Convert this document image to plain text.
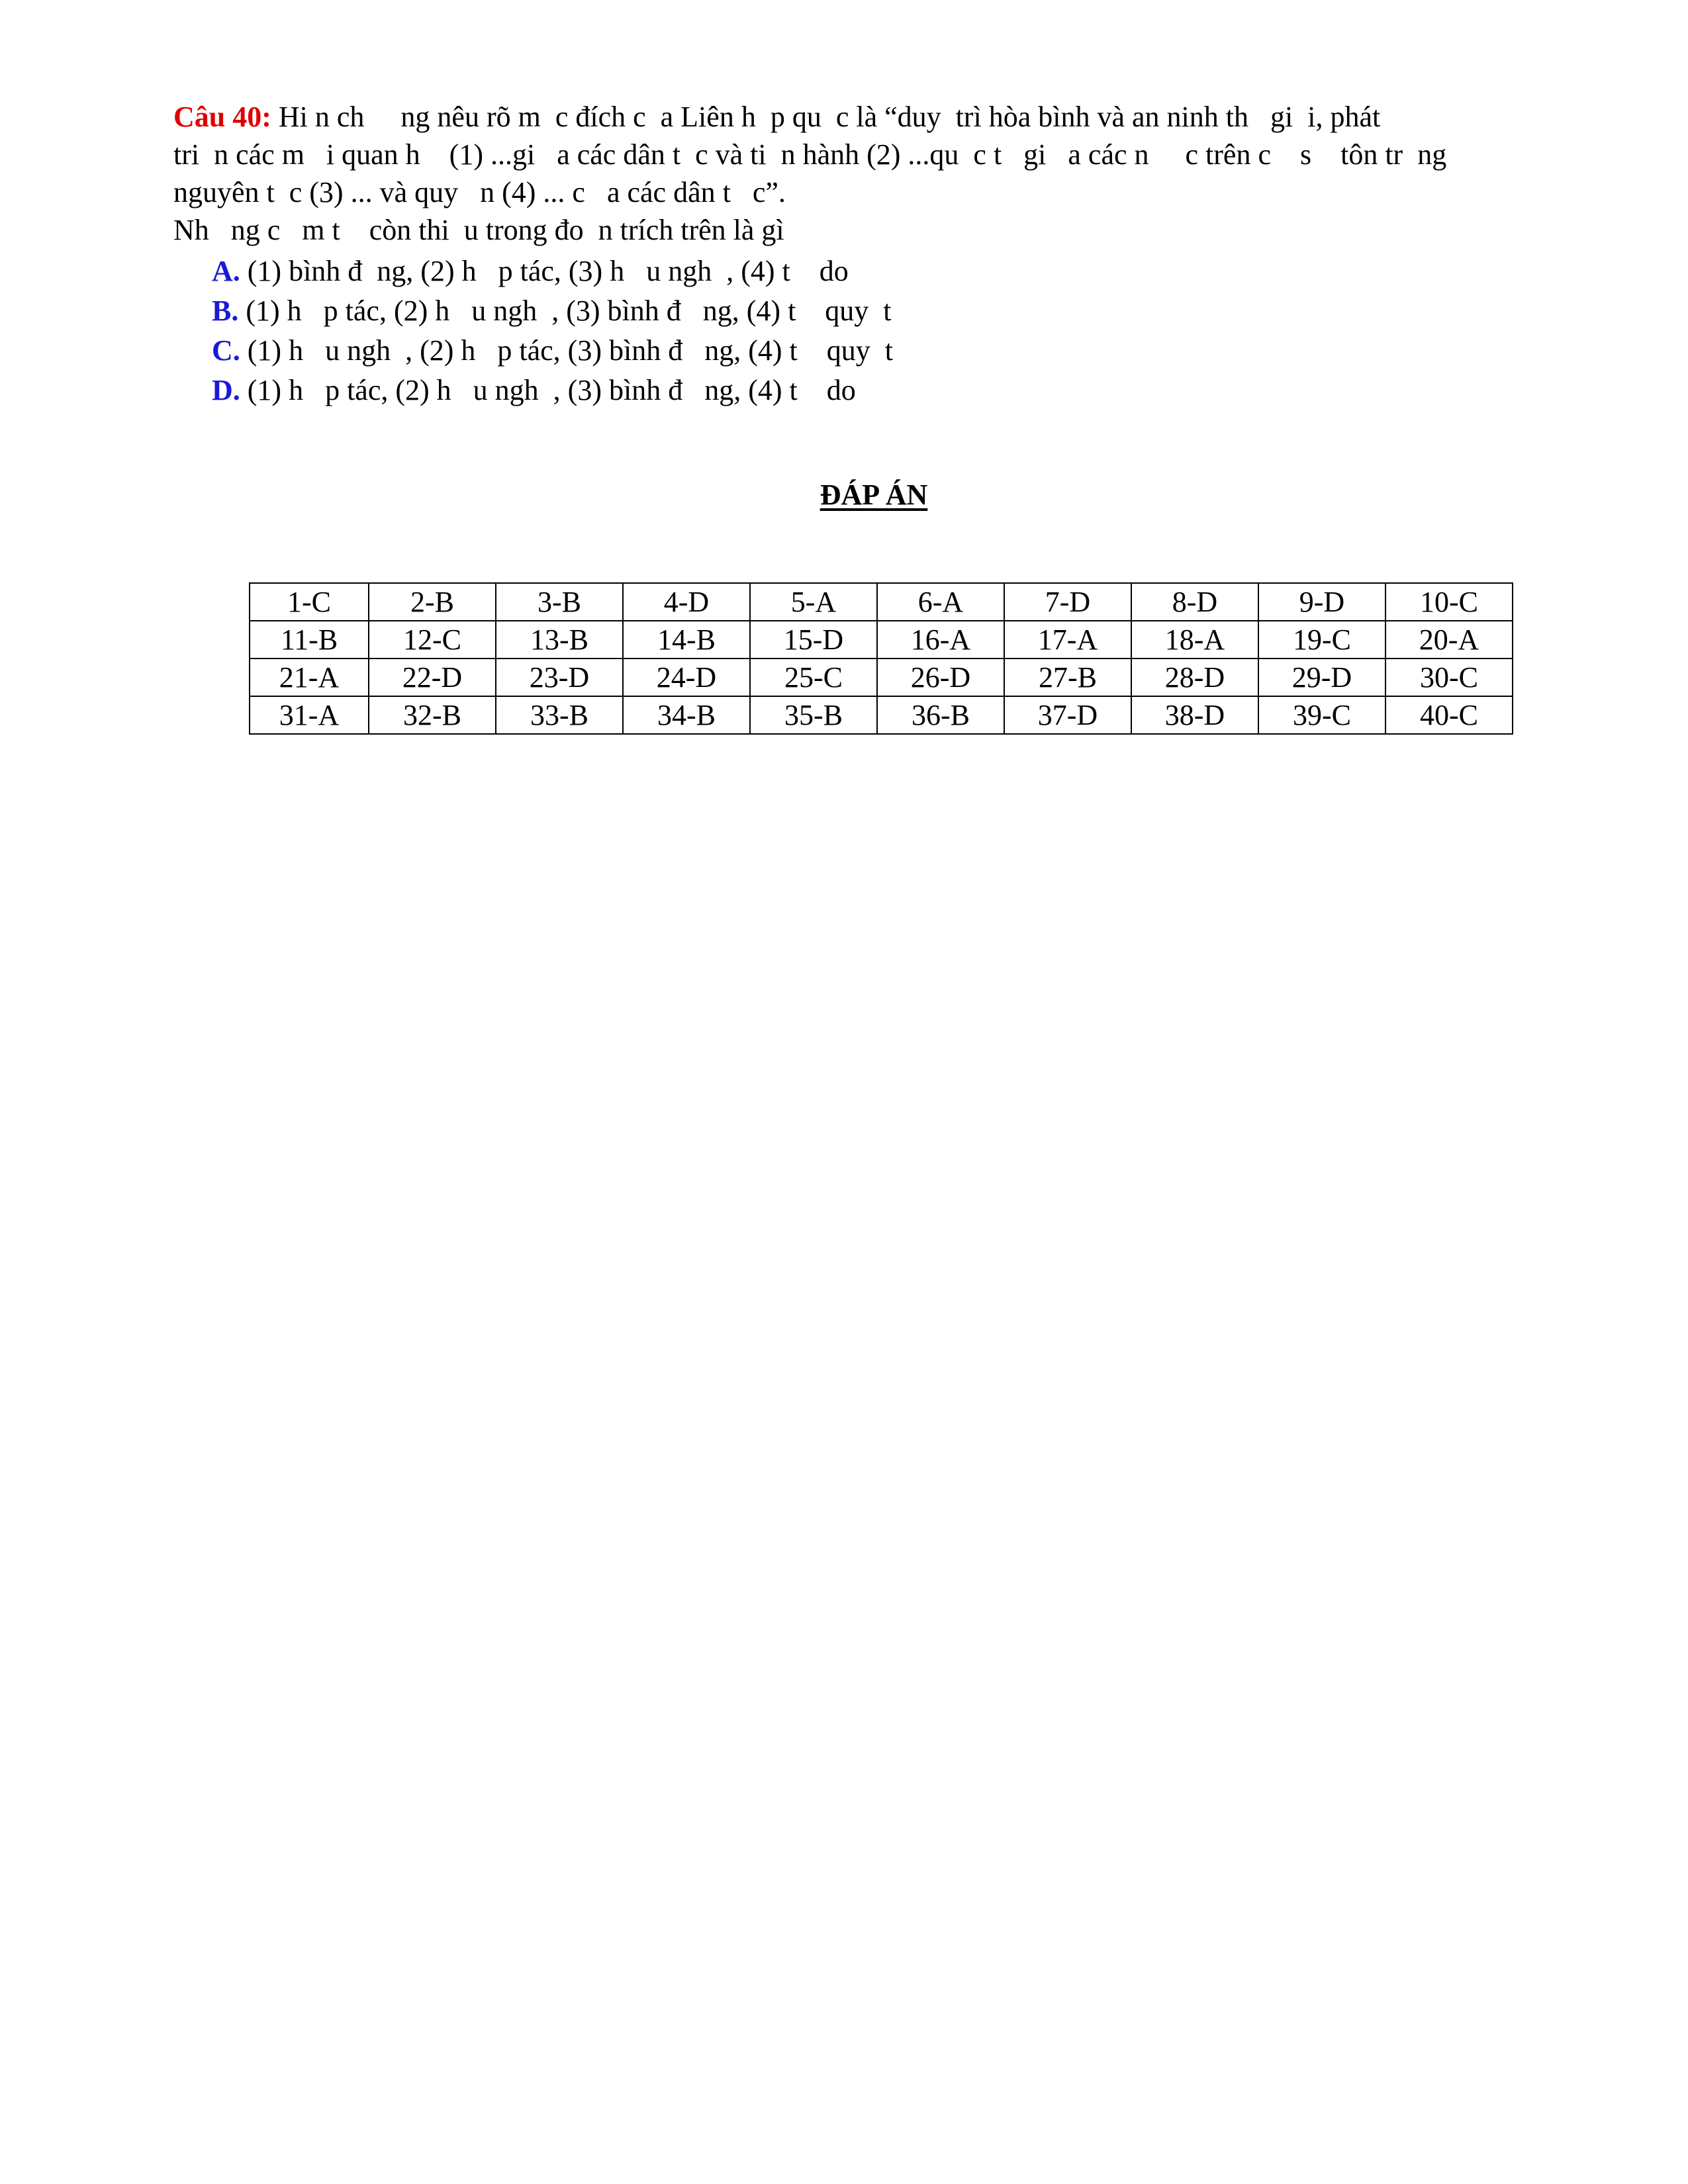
Câu 40: Hi n ch     ng nêu rõ m  c đích c  a Liên h  p qu  c là “duy  trì hòa bình và an ninh th   gi  i, phát
tri  n các m   i quan h    (1) ...gi   a các dân t  c và ti  n hành (2) ...qu  c t   gi   a các n     c trên c    s    tôn tr  ng
nguyên t  c (3) ... và quy   n (4) ... c   a các dân t   c”.
Nh   ng c   m t    còn thi  u trong đo  n trích trên là gì
A. (1) bình đ  ng, (2) h   p tác, (3) h   u ngh  , (4) t    do
B. (1) h   p tác, (2) h   u ngh  , (3) bình đ   ng, (4) t    quy  t
C. (1) h   u ngh  , (2) h   p tác, (3) bình đ   ng, (4) t    quy  t
D. (1) h   p tác, (2) h   u ngh  , (3) bình đ   ng, (4) t    do
ĐÁP ÁN
1-C	2-B	3-B	4-D	5-A	6-A	7-D	8-D	9-D	10-C
11-B	12-C	13-B	14-B	15-D	16-A	17-A	18-A	19-C	20-A
21-A	22-D	23-D	24-D	25-C	26-D	27-B	28-D	29-D	30-C
31-A	32-B	33-B	34-B	35-B	36-B	37-D	38-D	39-C	40-C
